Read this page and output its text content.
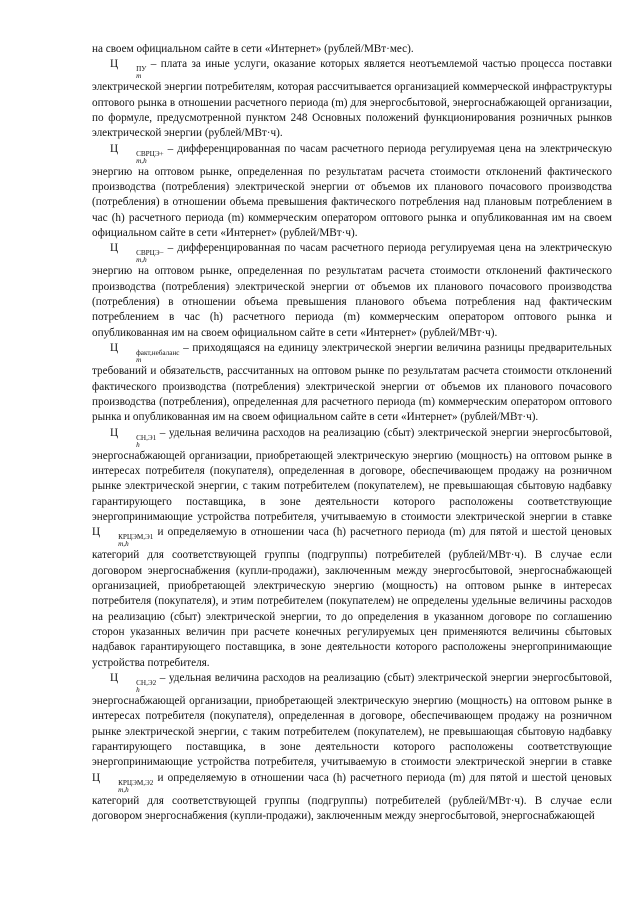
на своем официальном сайте в сети «Интернет» (рублей/МВт·мес).

Ц	ПУ
m
– плата за иные услуги, оказание которых является неотъемлемой частью процесса поставки электрической энергии потребителям, которая рассчитывается организацией коммерческой инфраструктуры оптового рынка в отношении расчетного периода (m) для энергосбытовой, энергоснабжающей организации, по формуле, предусмотренной пунктом 248 Основных положений функционирования розничных рынков электрической энергии (рублей/МВт·ч).

Ц	СВРЦЭ+
m,h
– дифференцированная по часам расчетного периода регулируемая цена на электрическую энергию на оптовом рынке, определенная по результатам расчета стоимости отклонений фактического производства (потребления) электрической энергии от объемов их планового почасового производства (потребления) в отношении объема превышения фактического потребления над плановым потреблением в час (h) расчетного периода (m) коммерческим оператором оптового рынка и опубликованная им на своем официальном сайте в сети «Интернет» (рублей/МВт·ч).

Ц	СВРЦЭ−
m,h
– дифференцированная по часам расчетного периода регулируемая цена на электрическую энергию на оптовом рынке, определенная по результатам расчета стоимости отклонений фактического производства (потребления) электрической энергии от объемов их планового почасового производства (потребления) в отношении объема превышения планового объема потребления над фактическим потреблением в час (h) расчетного периода (m) коммерческим оператором оптового рынка и опубликованная им на своем официальном сайте в сети «Интернет» (рублей/МВт·ч).

Ц	факт,небаланс
m
– приходящаяся на единицу электрической энергии величина разницы предварительных требований и обязательств, рассчитанных на оптовом рынке по результатам расчета стоимости отклонений фактического производства (потребления) электрической энергии от объемов их планового почасового производства (потребления), определенная для расчетного периода (m) коммерческим оператором оптового рынка и опубликованная им на своем официальном сайте в сети «Интернет» (рублей/МВт·ч).

Ц	СН,Э1
h
– удельная величина расходов на реализацию (сбыт) электрической энергии энергосбытовой, энергоснабжающей организации, приобретающей электрическую энергию (мощность) на оптовом рынке в интересах потребителя (покупателя), определенная в договоре, обеспечивающем продажу на розничном рынке электрической энергии, с таким потребителем (покупателем), не превышающая сбытовую надбавку гарантирующего поставщика, в зоне деятельности которого расположены соответствующие энергопринимающие устройства потребителя, учитываемую в стоимости электрической энергии в ставке Ц	КРЦЭМ,Э1
m,h
и определяемую в отношении часа (h) расчетного периода (m) для пятой и шестой ценовых категорий для соответствующей группы (подгруппы) потребителей (рублей/МВт·ч). В случае если договором энергоснабжения (купли-продажи), заключенным между энергосбытовой, энергоснабжающей организацией, приобретающей электрическую энергию (мощность) на оптовом рынке в интересах потребителя (покупателя), и этим потребителем (покупателем) не определены удельные величины расходов на реализацию (сбыт) электрической энергии, то до определения в указанном договоре по соглашению сторон указанных величин при расчете конечных регулируемых цен применяются величины сбытовых надбавок гарантирующего поставщика, в зоне деятельности которого расположены энергопринимающие устройства потребителя.

Ц	СН,Э2
h
– удельная величина расходов на реализацию (сбыт) электрической энергии энергосбытовой, энергоснабжающей организации, приобретающей электрическую энергию (мощность) на оптовом рынке в интересах потребителя (покупателя), определенная в договоре, обеспечивающем продажу на розничном рынке электрической энергии, с таким потребителем (покупателем), не превышающая сбытовую надбавку гарантирующего поставщика, в зоне деятельности которого расположены соответствующие энергопринимающие устройства потребителя, учитываемую в стоимости электрической энергии в ставке Ц	КРЦЭМ,Э2
m,h
и определяемую в отношении часа (h) расчетного периода (m) для пятой и шестой ценовых категорий для соответствующей группы (подгруппы) потребителей (рублей/МВт·ч). В случае если договором энергоснабжения (купли-продажи), заключенным между энергосбытовой, энергоснабжающей
